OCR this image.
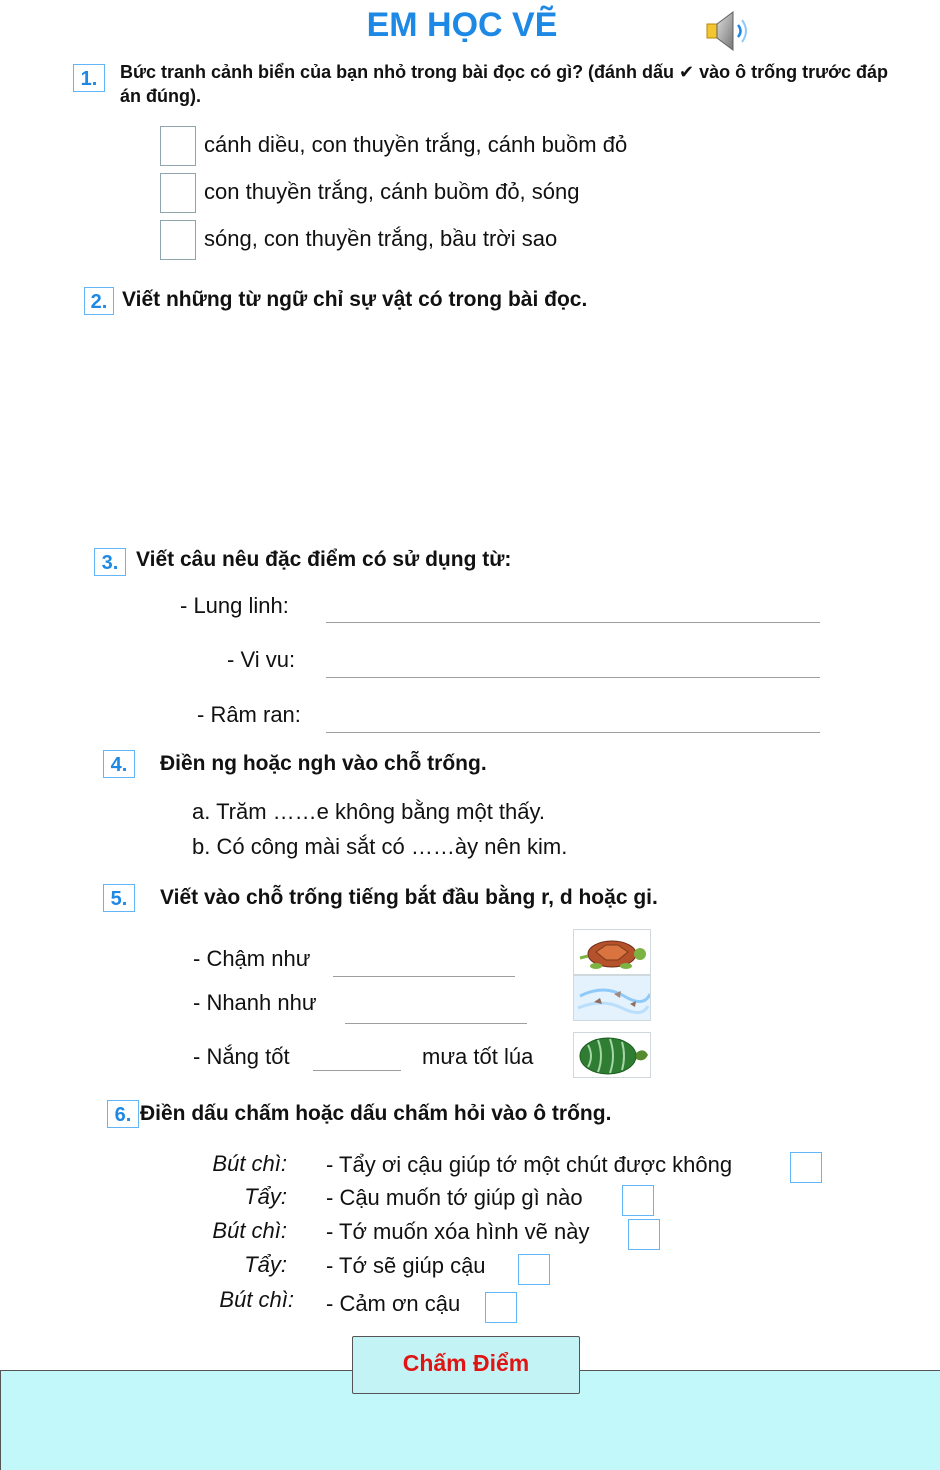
EM HỌC VẼ
1.	Bức tranh cảnh biển của bạn nhỏ trong bài đọc có gì? (đánh dấu ✔ vào ô trống trước đáp án đúng).
cánh diều, con thuyền trắng, cánh buồm đỏ
con thuyền trắng, cánh buồm đỏ, sóng
sóng, con thuyền trắng, bầu trời sao
2. Viết những từ ngữ chỉ sự vật có trong bài đọc.
3. Viết câu nêu đặc điểm có sử dụng từ:
- Lung linh:
- Vi vu:
- Râm ran:
4.	Điền ng hoặc ngh vào chỗ trống.
a. Trăm ……e không bằng một thấy.
b. Có công mài sắt có ……ày nên kim.
5.	Viết vào chỗ trống tiếng bắt đầu bằng r, d hoặc gi.
- Chậm như
- Nhanh như
- Nắng tốt	mưa tốt lúa
6. Điền dấu chấm hoặc dấu chấm hỏi vào ô trống.
Bút chì: - Tẩy ơi cậu giúp tớ một chút được không
Tẩy: - Cậu muốn tớ giúp gì nào
Bút chì: - Tớ muốn xóa hình vẽ này
Tẩy: - Tớ sẽ giúp cậu
Bút chì: - Cảm ơn cậu
Chấm Điểm
